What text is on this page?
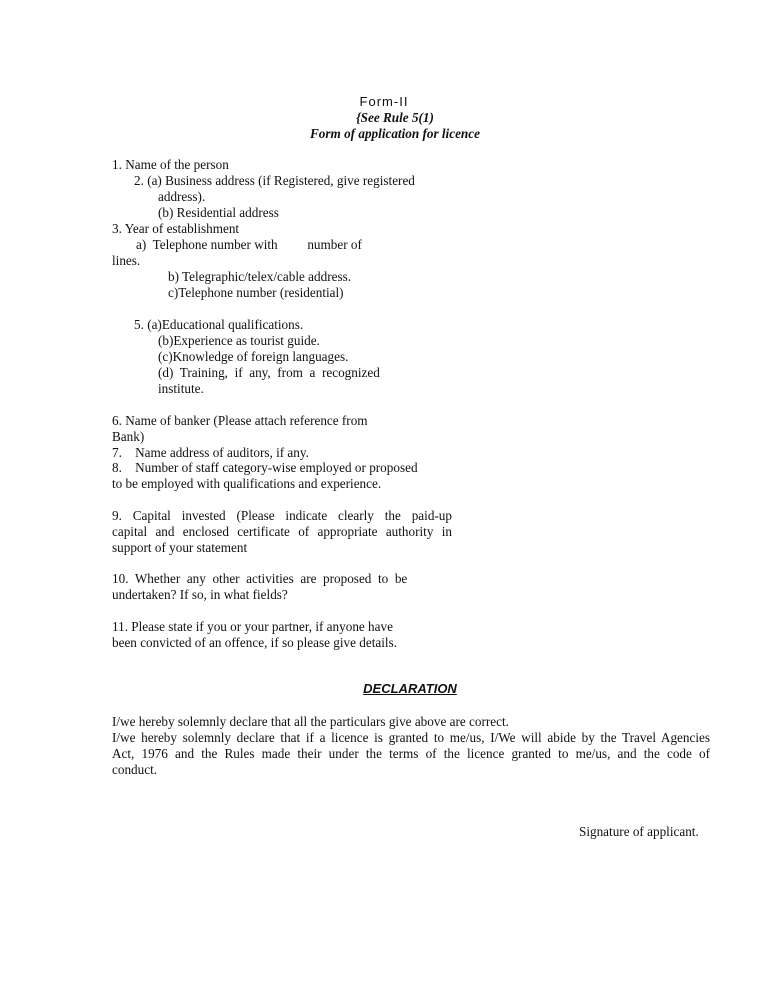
Form-II
{See Rule 5(1)
Form of application for licence
1. Name of the person
2. (a) Business address (if Registered, give registered
address).
(b) Residential address
3. Year of establishment
a)  Telephone number with         number of
lines.
b) Telegraphic/telex/cable address.
c)Telephone number (residential)
5. (a)Educational qualifications.
(b)Experience as tourist guide.
(c)Knowledge of foreign languages.
(d)  Training,  if  any,  from  a  recognized
institute.
6. Name of banker (Please attach reference from
Bank)
7.    Name address of auditors, if any.
8.    Number of staff category-wise employed or proposed
to be employed with qualifications and experience.
9. Capital invested (Please indicate clearly the paid-up
capital and enclosed certificate of appropriate authority in
support of your statement
10.  Whether  any  other  activities  are  proposed  to  be
undertaken? If so, in what fields?
11. Please state if you or your partner, if anyone have
been convicted of an offence, if so please give details.
DECLARATION
I/we hereby solemnly declare that all the particulars give above are correct.
I/we hereby solemnly declare that if a licence is granted to me/us, I/We will abide by the Travel Agencies
Act, 1976 and the Rules made their under the terms of the licence granted to me/us, and the code of
conduct.
Signature of applicant.
